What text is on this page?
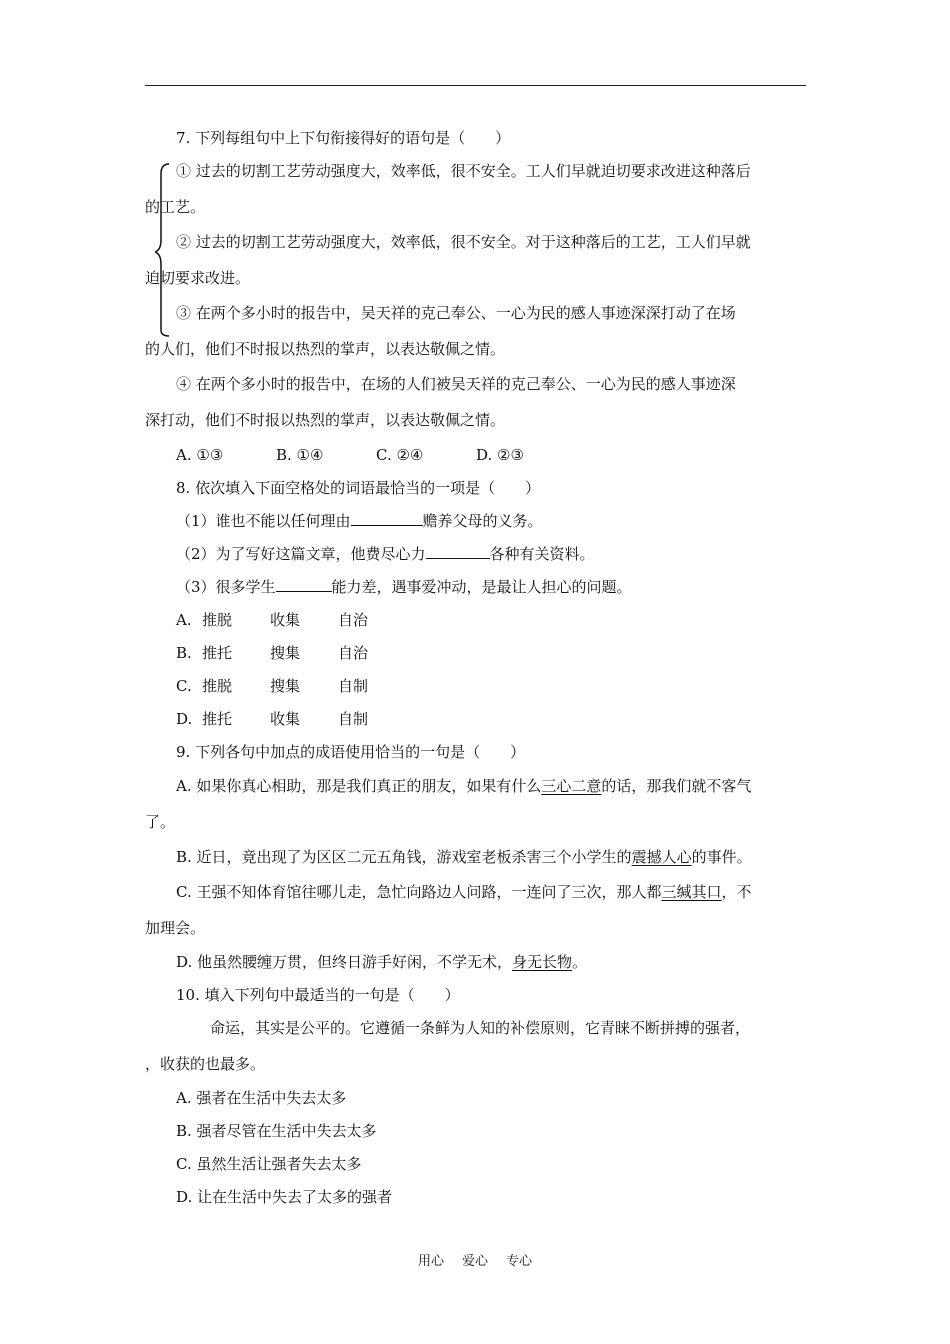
7. 下列每组句中上下句衔接得好的语句是（　　）
① 过去的切割工艺劳动强度大，效率低，很不安全。工人们早就迫切要求改进这种落后
的工艺。
② 过去的切割工艺劳动强度大，效率低，很不安全。对于这种落后的工艺，工人们早就
迫切要求改进。
③ 在两个多小时的报告中，吴天祥的克己奉公、一心为民的感人事迹深深打动了在场
的人们，他们不时报以热烈的掌声，以表达敬佩之情。
④ 在两个多小时的报告中，在场的人们被吴天祥的克己奉公、一心为民的感人事迹深
深打动，他们不时报以热烈的掌声，以表达敬佩之情。
A. ①③	B. ①④	C. ②④	D. ②③
8. 依次填入下面空格处的词语最恰当的一项是（　　）
（1）谁也不能以任何理由	赡养父母的义务。
（2）为了写好这篇文章，他费尽心力	各种有关资料。
（3）很多学生	能力差，遇事爱冲动，是最让人担心的问题。
A. 推脱	收集	自治
B. 推托	搜集	自治
C. 推脱	搜集	自制
D. 推托	收集	自制
9. 下列各句中加点的成语使用恰当的一句是（　　）
A. 如果你真心相助，那是我们真正的朋友，如果有什么三心二意的话，那我们就不客气
了。
B. 近日，竟出现了为区区二元五角钱，游戏室老板杀害三个小学生的震撼人心的事件。
C. 王强不知体育馆往哪儿走，急忙向路边人问路，一连问了三次，那人都三缄其口，不
加理会。
D. 他虽然腰缠万贯，但终日游手好闲，不学无术，身无长物。
10. 填入下列句中最适当的一句是（　　）
命运，其实是公平的。它遵循一条鲜为人知的补偿原则，它青睐不断拼搏的强者，
，收获的也最多。
A. 强者在生活中失去太多
B. 强者尽管在生活中失去太多
C. 虽然生活让强者失去太多
D. 让在生活中失去了太多的强者
用心 爱心 专心
